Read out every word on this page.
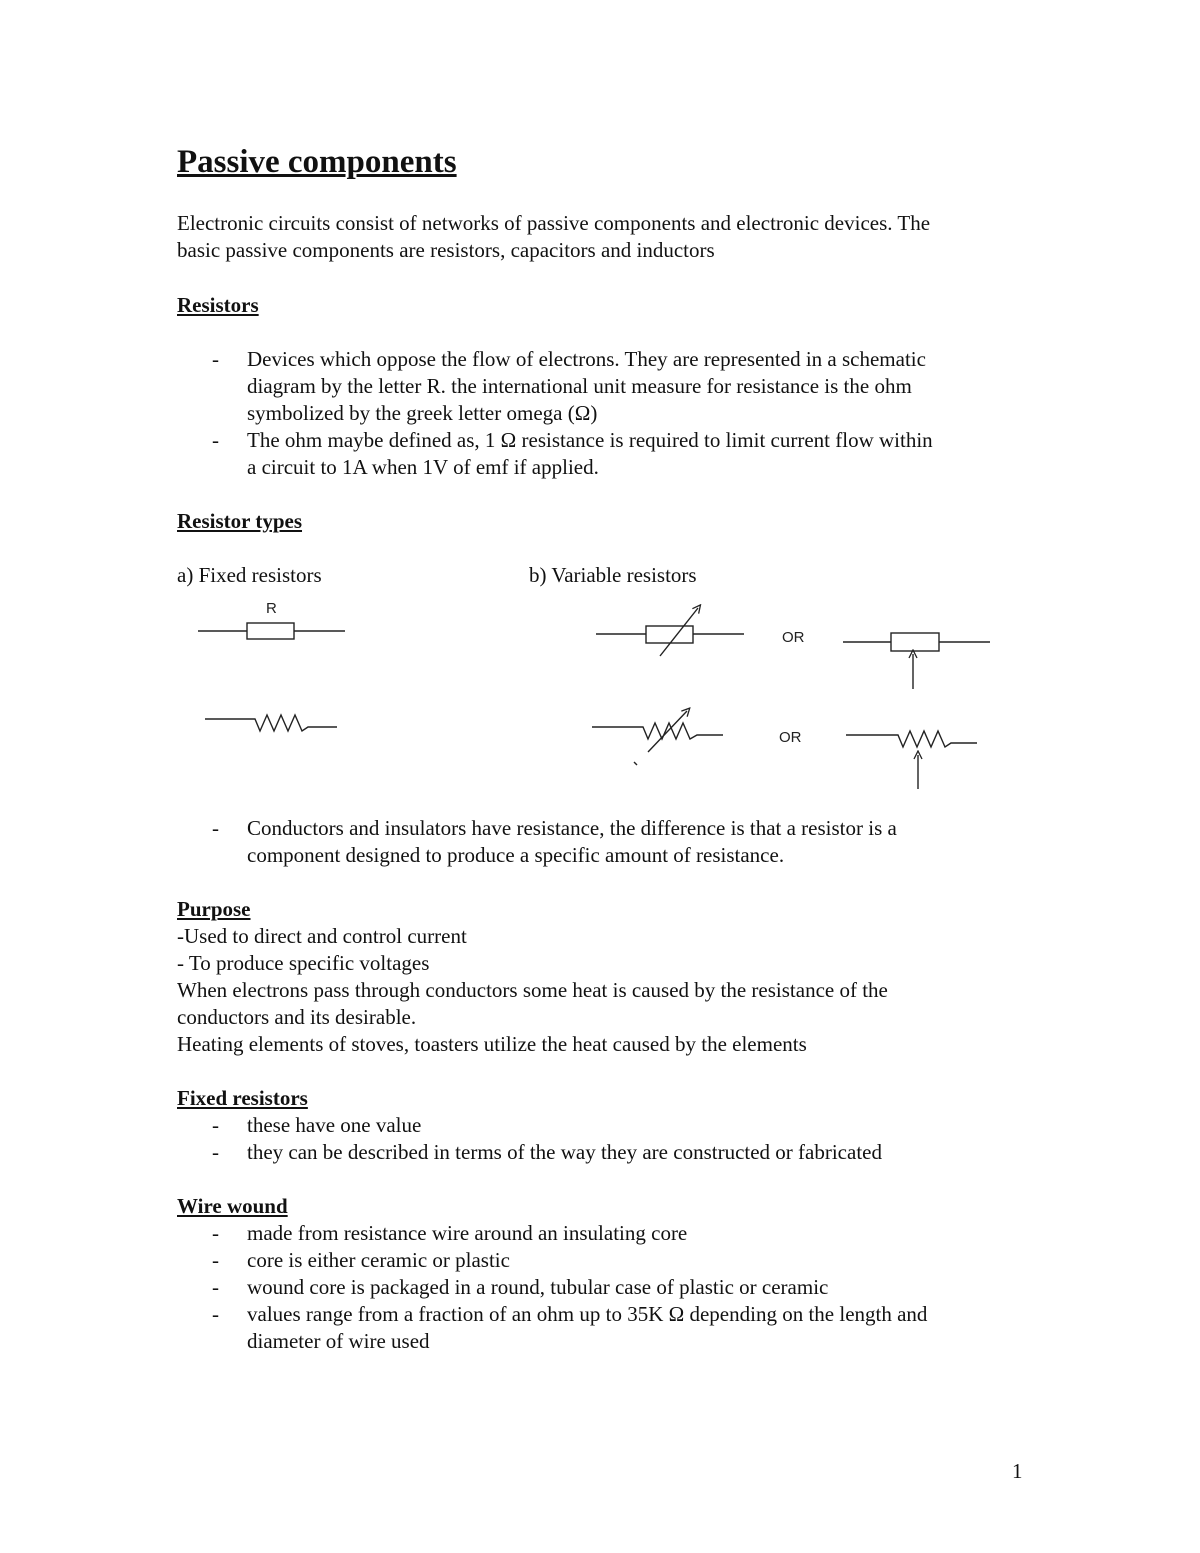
Passive components
Electronic circuits consist of networks of passive components and electronic devices. The
basic passive components are resistors, capacitors and inductors
Resistors
- Devices which oppose the flow of electrons. They are represented in a schematic
diagram by the letter R. the international unit measure for resistance is the ohm
symbolized by the greek letter omega (Ω)
- The ohm maybe defined as, 1 Ω resistance is required to limit current flow within
a circuit to 1A when 1V of emf if applied.
Resistor types
a) Fixed resistors	b) Variable resistors
R
OR
OR
- Conductors and insulators have resistance, the difference is that a resistor is a
component designed to produce a specific amount of resistance.
Purpose
-Used to direct and control current
- To produce specific voltages
When electrons pass through conductors some heat is caused by the resistance of the
conductors and its desirable.
Heating elements of stoves, toasters utilize the heat caused by the elements
Fixed resistors
- these have one value
- they can be described in terms of the way they are constructed or fabricated
Wire wound
- made from resistance wire around an insulating core
- core is either ceramic or plastic
- wound core is packaged in a round, tubular case of plastic or ceramic
- values range from a fraction of an ohm up to 35K Ω depending on the length and
diameter of wire used
1
